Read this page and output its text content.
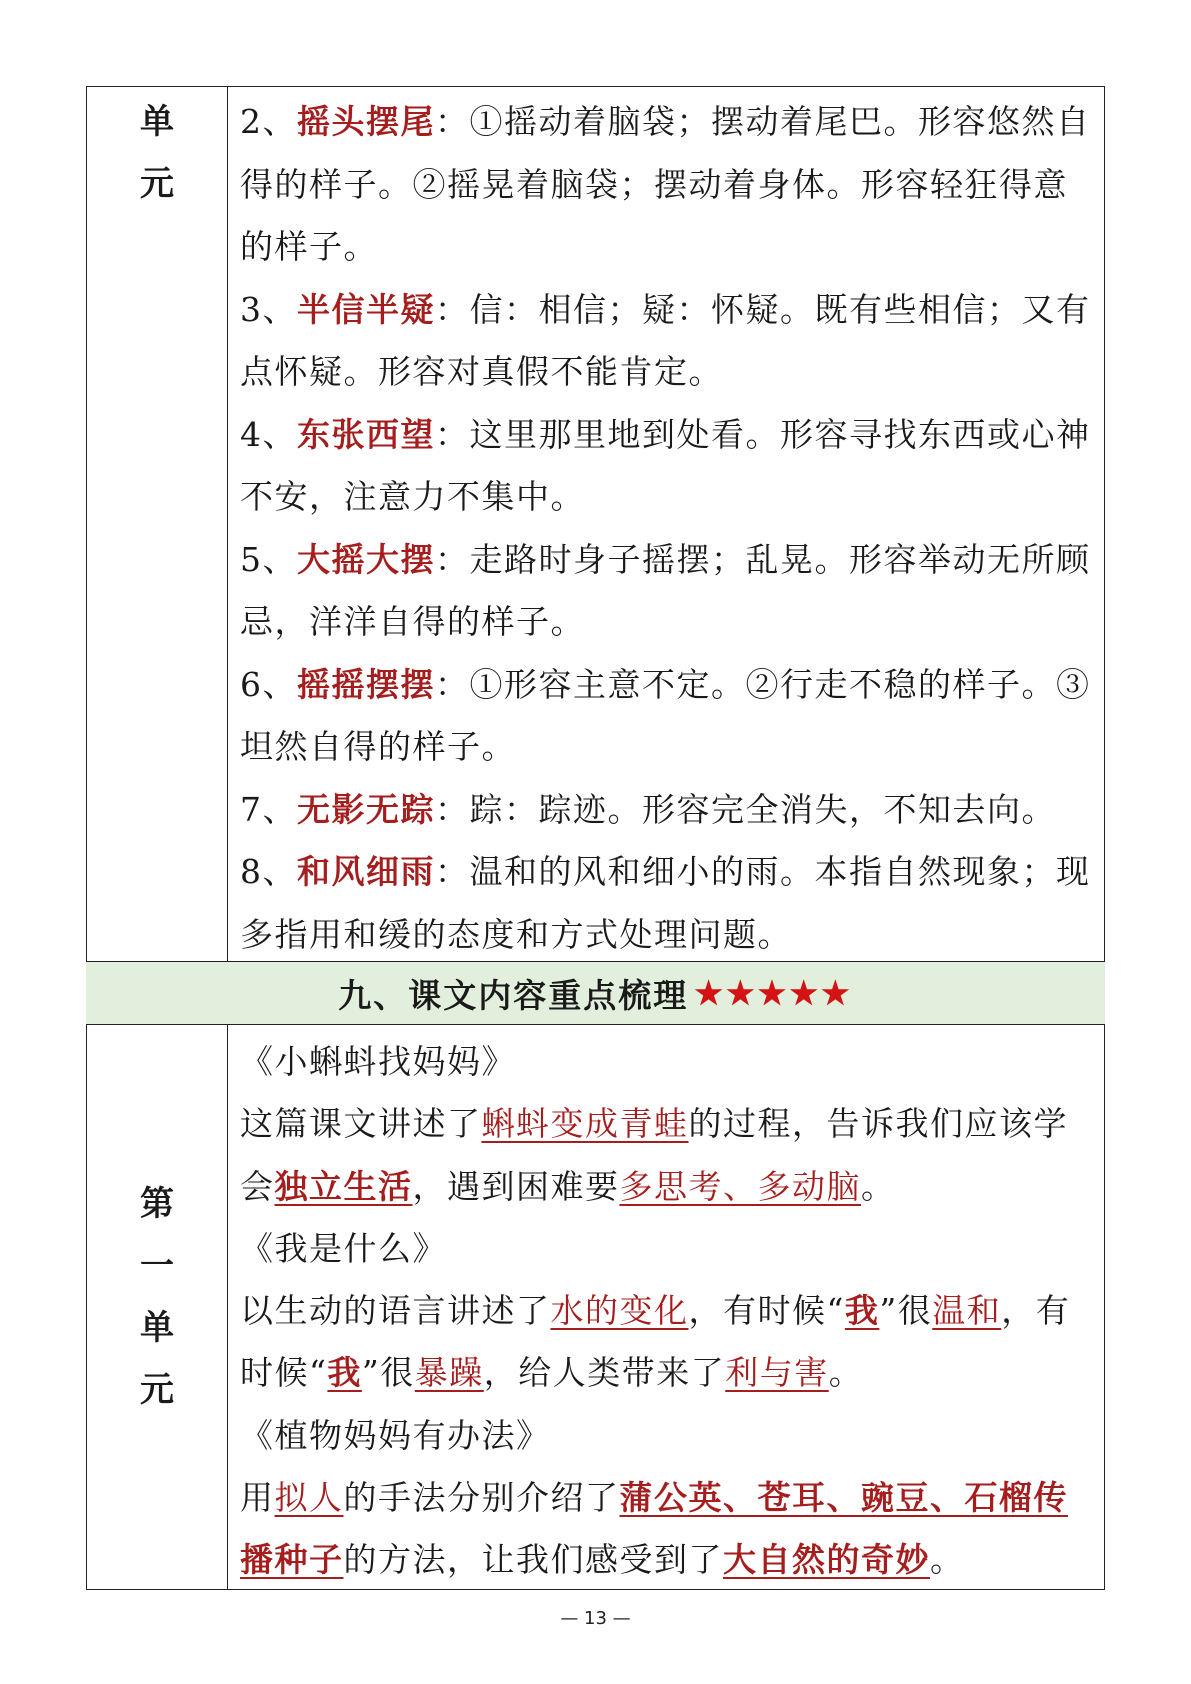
单
元

2、摇头摆尾：①摇动着脑袋；摆动着尾巴。形容悠然自得的样子。②摇晃着脑袋；摆动着身体。形容轻狂得意的样子。

3、半信半疑：信：相信；疑：怀疑。既有些相信；又有点怀疑。形容对真假不能肯定。

4、东张西望：这里那里地到处看。形容寻找东西或心神不安，注意力不集中。

5、大摇大摆：走路时身子摇摆；乱晃。形容举动无所顾忌，洋洋自得的样子。

6、摇摇摆摆：①形容主意不定。②行走不稳的样子。③坦然自得的样子。

7、无影无踪：踪：踪迹。形容完全消失，不知去向。

8、和风细雨：温和的风和细小的雨。本指自然现象；现多指用和缓的态度和方式处理问题。

九、课文内容重点梳理 ★★★★★
第
一
单
元

《小蝌蚪找妈妈》

这篇课文讲述了蝌蚪变成青蛙的过程，告诉我们应该学会独立生活，遇到困难要多思考、多动脑。

《我是什么》

以生动的语言讲述了水的变化，有时候“我”很温和，有时候“我”很暴躁，给人类带来了利与害。

《植物妈妈有办法》

用拟人的手法分别介绍了蒲公英、苍耳、豌豆、石榴传播种子的方法，让我们感受到了大自然的奇妙。

— 13 —
